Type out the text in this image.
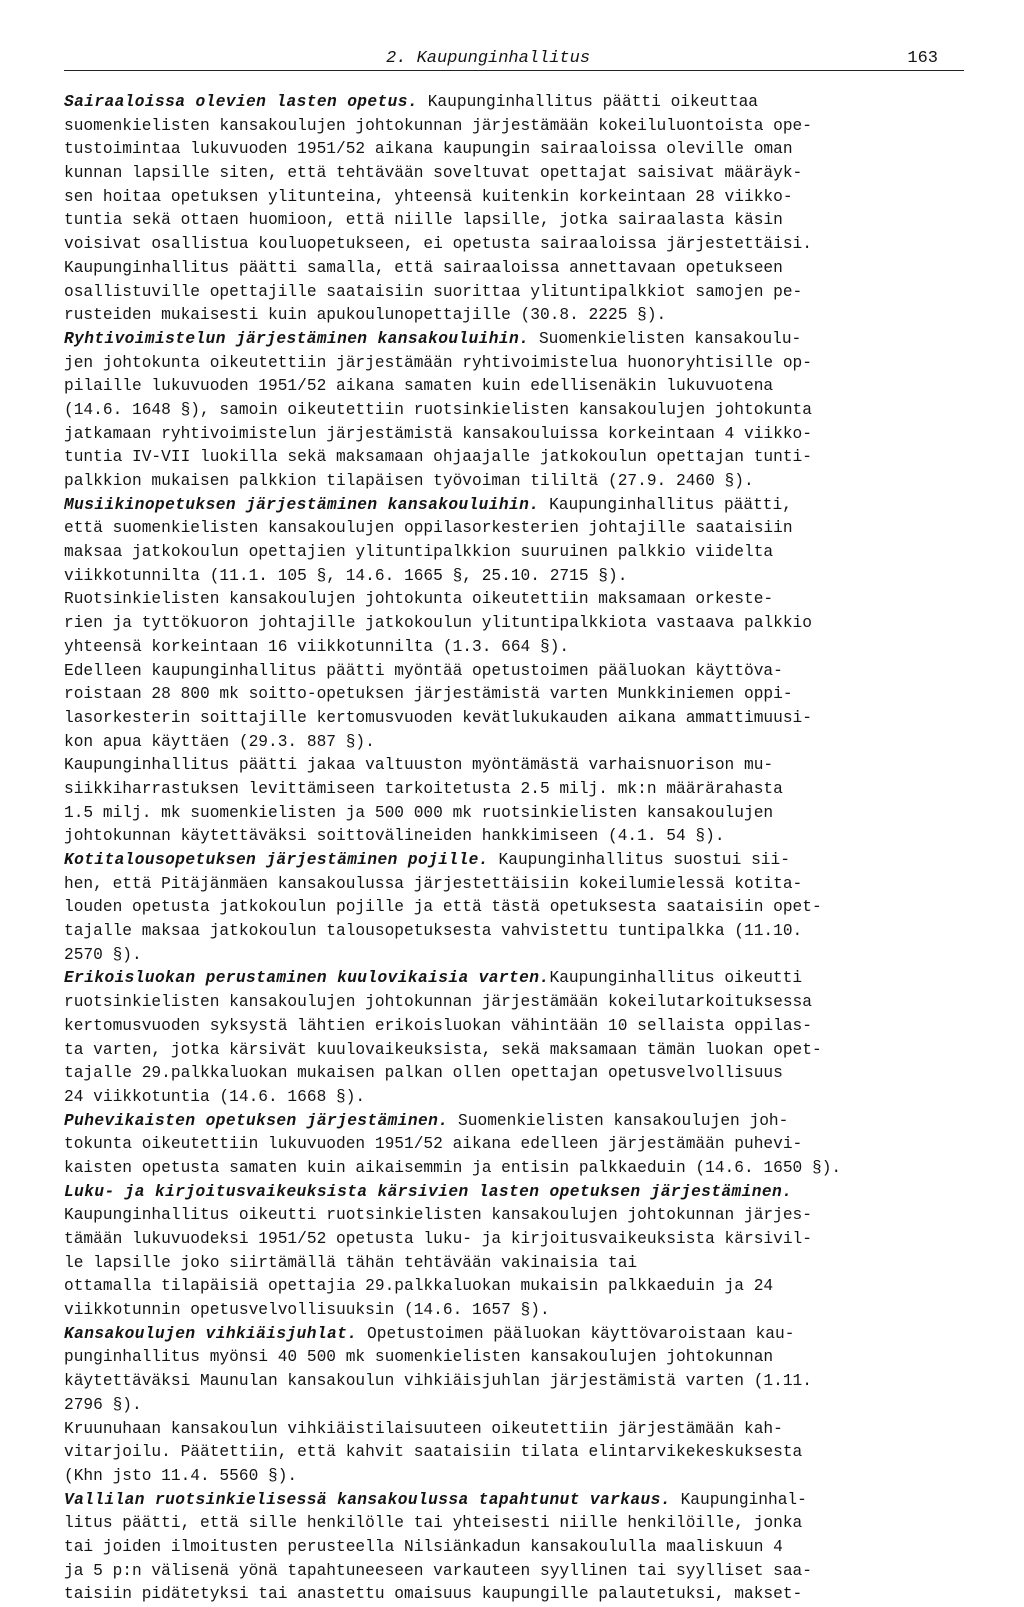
2. Kaupunginhallitus	163
Sairaaloissa olevien lasten opetus. Kaupunginhallitus päätti oikeuttaa
suomenkielisten kansakoulujen johtokunnan järjestämään kokeiluluontoista ope-
tustoimintaa lukuvuoden 1951/52 aikana kaupungin sairaaloissa oleville oman
kunnan lapsille siten, että tehtävään soveltuvat opettajat saisivat määräyk-
sen hoitaa opetuksen ylitunteina, yhteensä kuitenkin korkeintaan 28 viikko-
tuntia sekä ottaen huomioon, että niille lapsille, jotka sairaalasta käsin
voisivat osallistua kouluopetukseen, ei opetusta sairaaloissa järjestettäisi.
Kaupunginhallitus päätti samalla, että sairaaloissa annettavaan opetukseen
osallistuville opettajille saataisiin suorittaa ylituntipalkkiot samojen pe-
rusteiden mukaisesti kuin apukoulunopettajille (30.8. 2225 §).
Ryhtivoimistelun järjestäminen kansakouluihin. Suomenkielisten kansakoulu-
jen johtokunta oikeutettiin järjestämään ryhtivoimistelua huonoryhtisille op-
pilaille lukuvuoden 1951/52 aikana samaten kuin edellisenäkin lukuvuotena
(14.6. 1648 §), samoin oikeutettiin ruotsinkielisten kansakoulujen johtokunta
jatkamaan ryhtivoimistelun järjestämistä kansakouluissa korkeintaan 4 viikko-
tuntia IV-VII luokilla sekä maksamaan ohjaajalle jatkokoulun opettajan tunti-
palkkion mukaisen palkkion tilapäisen työvoiman tililtä (27.9. 2460 §).
Musiikinopetuksen järjestäminen kansakouluihin. Kaupunginhallitus päätti,
että suomenkielisten kansakoulujen oppilasorkesterien johtajille saataisiin
maksaa jatkokoulun opettajien ylituntipalkkion suuruinen palkkio viidelta
viikkotunnilta (11.1. 105 §, 14.6. 1665 §, 25.10. 2715 §).
Ruotsinkielisten kansakoulujen johtokunta oikeutettiin maksamaan orkeste-
rien ja tyttökuoron johtajille jatkokoulun ylituntipalkkiota vastaava palkkio
yhteensä korkeintaan 16 viikkotunnilta (1.3. 664 §).
Edelleen kaupunginhallitus päätti myöntää opetustoimen pääluokan käyttöva-
roistaan 28 800 mk soitto-opetuksen järjestämistä varten Munkkiniemen oppi-
lasorkesterin soittajille kertomusvuoden kevätlukukauden aikana ammattimuusi-
kon apua käyttäen (29.3. 887 §).
Kaupunginhallitus päätti jakaa valtuuston myöntämästä varhaisnuorison mu-
siikkiharrastuksen levittämiseen tarkoitetusta 2.5 milj. mk:n määrärahasta
1.5 milj. mk suomenkielisten ja 500 000 mk ruotsinkielisten kansakoulujen
johtokunnan käytettäväksi soittovälineiden hankkimiseen (4.1. 54 §).
Kotitalousopetuksen järjestäminen pojille. Kaupunginhallitus suostui sii-
hen, että Pitäjänmäen kansakoulussa järjestettäisiin kokeilumielessä kotita-
louden opetusta jatkokoulun pojille ja että tästä opetuksesta saataisiin opet-
tajalle maksaa jatkokoulun talousopetuksesta vahvistettu tuntipalkka (11.10.
2570 §).
Erikoisluokan perustaminen kuulovikaisia varten.Kaupunginhallitus oikeutti
ruotsinkielisten kansakoulujen johtokunnan järjestämään kokeilutarkoituksessa
kertomusvuoden syksystä lähtien erikoisluokan vähintään 10 sellaista oppilas-
ta varten, jotka kärsivät kuulovaikeuksista, sekä maksamaan tämän luokan opet-
tajalle 29.palkkaluokan mukaisen palkan ollen opettajan opetusvelvollisuus
24 viikkotuntia (14.6. 1668 §).
Puhevikaisten opetuksen järjestäminen. Suomenkielisten kansakoulujen joh-
tokunta oikeutettiin lukuvuoden 1951/52 aikana edelleen järjestämään puhevi-
kaisten opetusta samaten kuin aikaisemmin ja entisin palkkaeduin (14.6. 1650 §).
Luku- ja kirjoitusvaikeuksista kärsivien lasten opetuksen järjestäminen.
Kaupunginhallitus oikeutti ruotsinkielisten kansakoulujen johtokunnan järjes-
tämään lukuvuodeksi 1951/52 opetusta luku- ja kirjoitusvaikeuksista kärsivil-
le lapsille joko siirtämällä tähän tehtävään vakinaisia tai
ottamalla tilapäisiä opettajia 29.palkkaluokan mukaisin palkkaeduin ja 24
viikkotunnin opetusvelvollisuuksin (14.6. 1657 §).
Kansakoulujen vihkiäisjuhlat. Opetustoimen pääluokan käyttövaroistaan kau-
punginhallitus myönsi 40 500 mk suomenkielisten kansakoulujen johtokunnan
käytettäväksi Maunulan kansakoulun vihkiäisjuhlan järjestämistä varten (1.11.
2796 §).
Kruunuhaan kansakoulun vihkiäistilaisuuteen oikeutettiin järjestämään kah-
vitarjoilu. Päätettiin, että kahvit saataisiin tilata elintarvikekeskuksesta
(Khn jsto 11.4. 5560 §).
Vallilan ruotsinkielisessä kansakoulussa tapahtunut varkaus. Kaupunginhal-
litus päätti, että sille henkilölle tai yhteisesti niille henkilöille, jonka
tai joiden ilmoitusten perusteella Nilsiänkadun kansakoululla maaliskuun 4
ja 5 p:n välisenä yönä tapahtuneeseen varkauteen syyllinen tai syylliset saa-
taisiin pidätetyksi tai anastettu omaisuus kaupungille palautetuksi, makset-
